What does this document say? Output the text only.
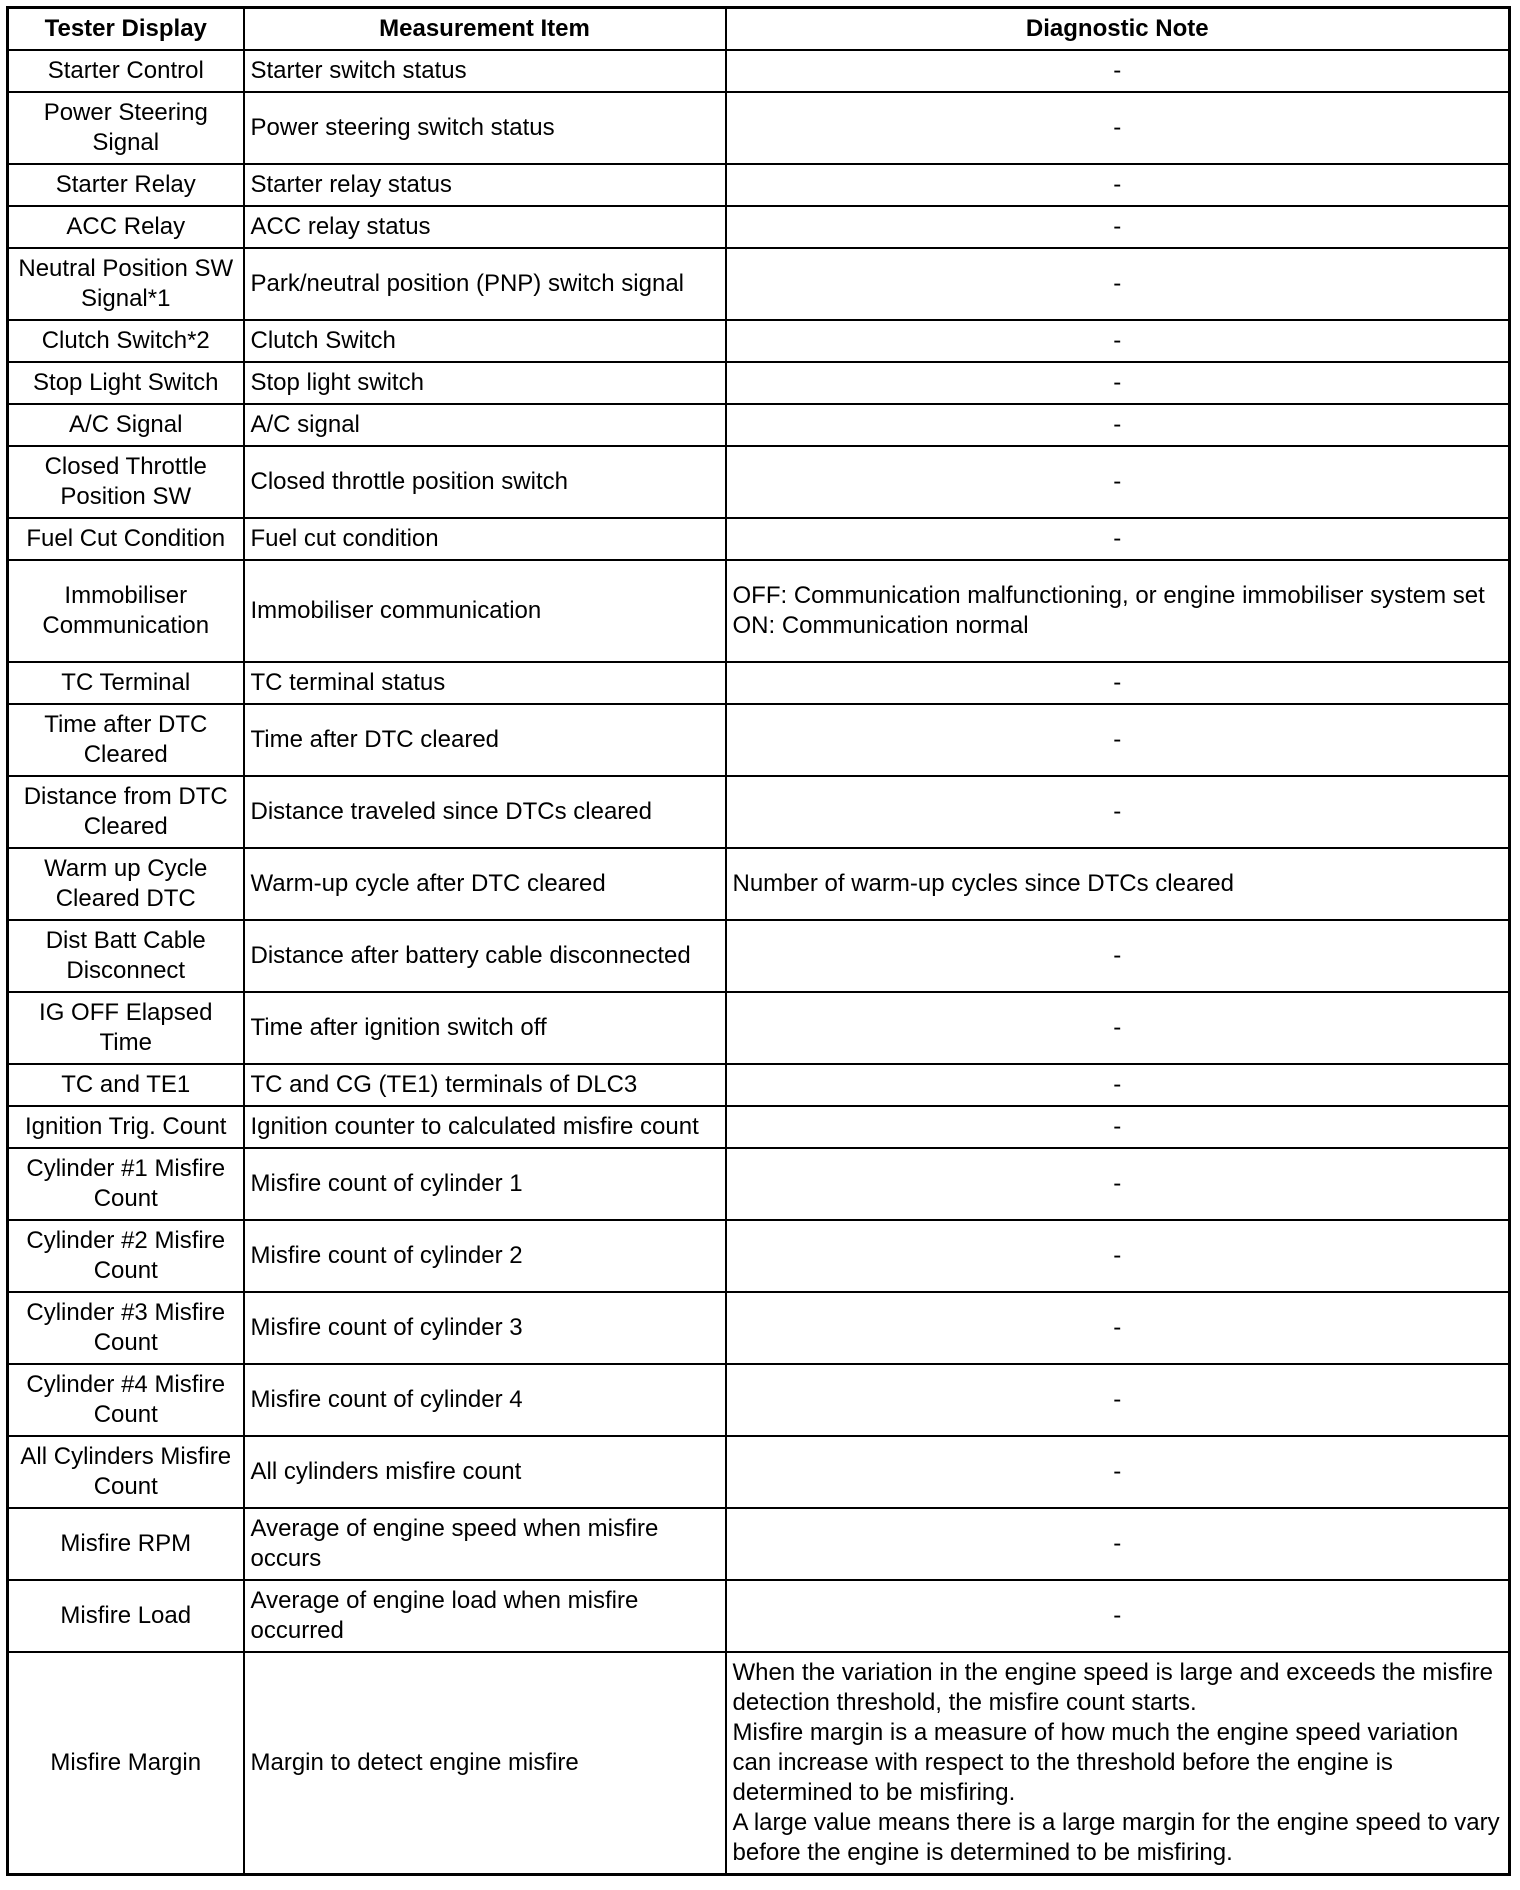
Tester Display	Measurement Item	Diagnostic Note
Starter Control	Starter switch status	-
Power Steering Signal	Power steering switch status	-
Starter Relay	Starter relay status	-
ACC Relay	ACC relay status	-
Neutral Position SW Signal*1	Park/neutral position (PNP) switch signal	-
Clutch Switch*2	Clutch Switch	-
Stop Light Switch	Stop light switch	-
A/C Signal	A/C signal	-
Closed Throttle Position SW	Closed throttle position switch	-
Fuel Cut Condition	Fuel cut condition	-
Immobiliser Communication	Immobiliser communication	OFF: Communication malfunctioning, or engine immobiliser system set
ON: Communication normal
TC Terminal	TC terminal status	-
Time after DTC Cleared	Time after DTC cleared	-
Distance from DTC Cleared	Distance traveled since DTCs cleared	-
Warm up Cycle Cleared DTC	Warm-up cycle after DTC cleared	Number of warm-up cycles since DTCs cleared
Dist Batt Cable Disconnect	Distance after battery cable disconnected	-
IG OFF Elapsed Time	Time after ignition switch off	-
TC and TE1	TC and CG (TE1) terminals of DLC3	-
Ignition Trig. Count	Ignition counter to calculated misfire count	-
Cylinder #1 Misfire Count	Misfire count of cylinder 1	-
Cylinder #2 Misfire Count	Misfire count of cylinder 2	-
Cylinder #3 Misfire Count	Misfire count of cylinder 3	-
Cylinder #4 Misfire Count	Misfire count of cylinder 4	-
All Cylinders Misfire Count	All cylinders misfire count	-
Misfire RPM	Average of engine speed when misfire occurs	-
Misfire Load	Average of engine load when misfire occurred	-
Misfire Margin	Margin to detect engine misfire	When the variation in the engine speed is large and exceeds the misfire detection threshold, the misfire count starts.
Misfire margin is a measure of how much the engine speed variation can increase with respect to the threshold before the engine is determined to be misfiring.
A large value means there is a large margin for the engine speed to vary before the engine is determined to be misfiring.
